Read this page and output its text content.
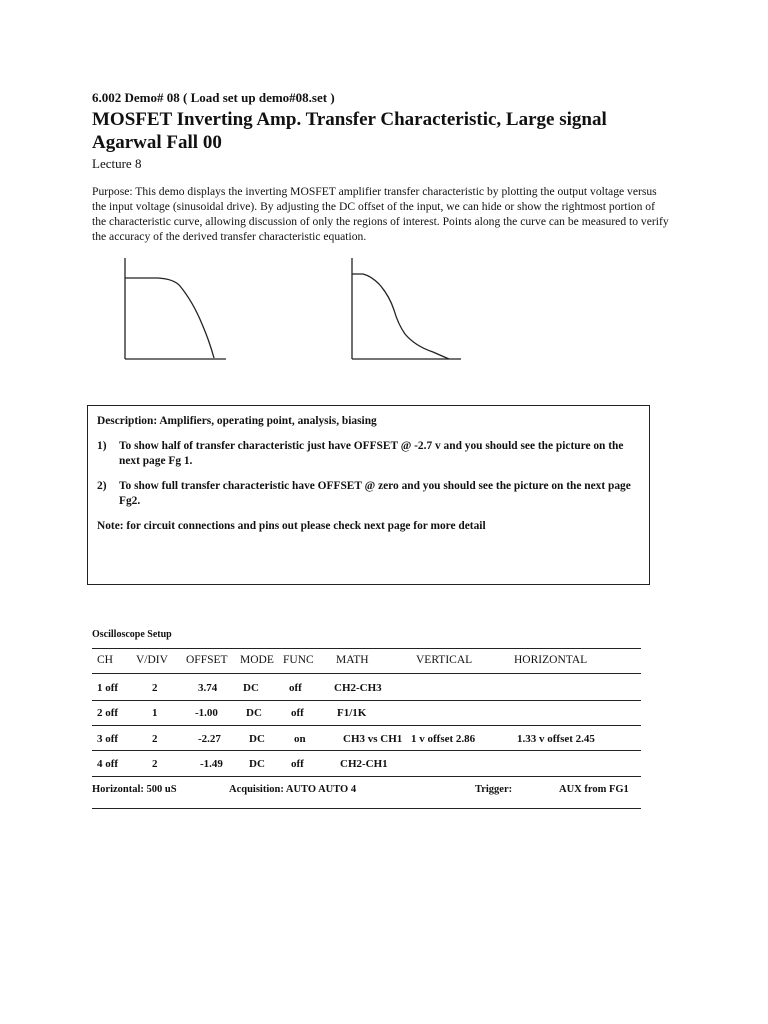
6.002 Demo# 08 ( Load set up demo#08.set )
MOSFET Inverting Amp. Transfer Characteristic, Large signal
Agarwal Fall 00
Lecture 8
Purpose: This demo displays the inverting MOSFET amplifier transfer characteristic by plotting the output voltage versus the input voltage (sinusoidal drive). By adjusting the DC offset of the input, we can hide or show the rightmost portion of the characteristic curve, allowing discussion of only the regions of interest. Points along the curve can be measured to verify the accuracy of the derived transfer characteristic equation.

Description: Amplifiers, operating point, analysis, biasing

1)	To show half of transfer characteristic just have OFFSET @ -2.7 v and you should see the picture on the next page Fg 1.

2)	To show full transfer characteristic have OFFSET @ zero and you should see the picture on the next page Fg2.

Note: for circuit connections and pins out please check next page for more detail

Oscilloscope Setup
CH V/DIV OFFSET MODE FUNC MATH	VERTICAL	HORIZONTAL
1 off	2	3.74 DC	off	CH2-CH3
2 off	1	-1.00	DC	off	F1/1K
3 off	2	-2.27	DC	on	CH3 vs CH1 1 v offset 2.86	1.33 v offset 2.45
4 off	2	-1.49 DC off	CH2-CH1
Horizontal: 500 uS	Acquisition: AUTO AUTO 4	Trigger:	AUX from FG1
